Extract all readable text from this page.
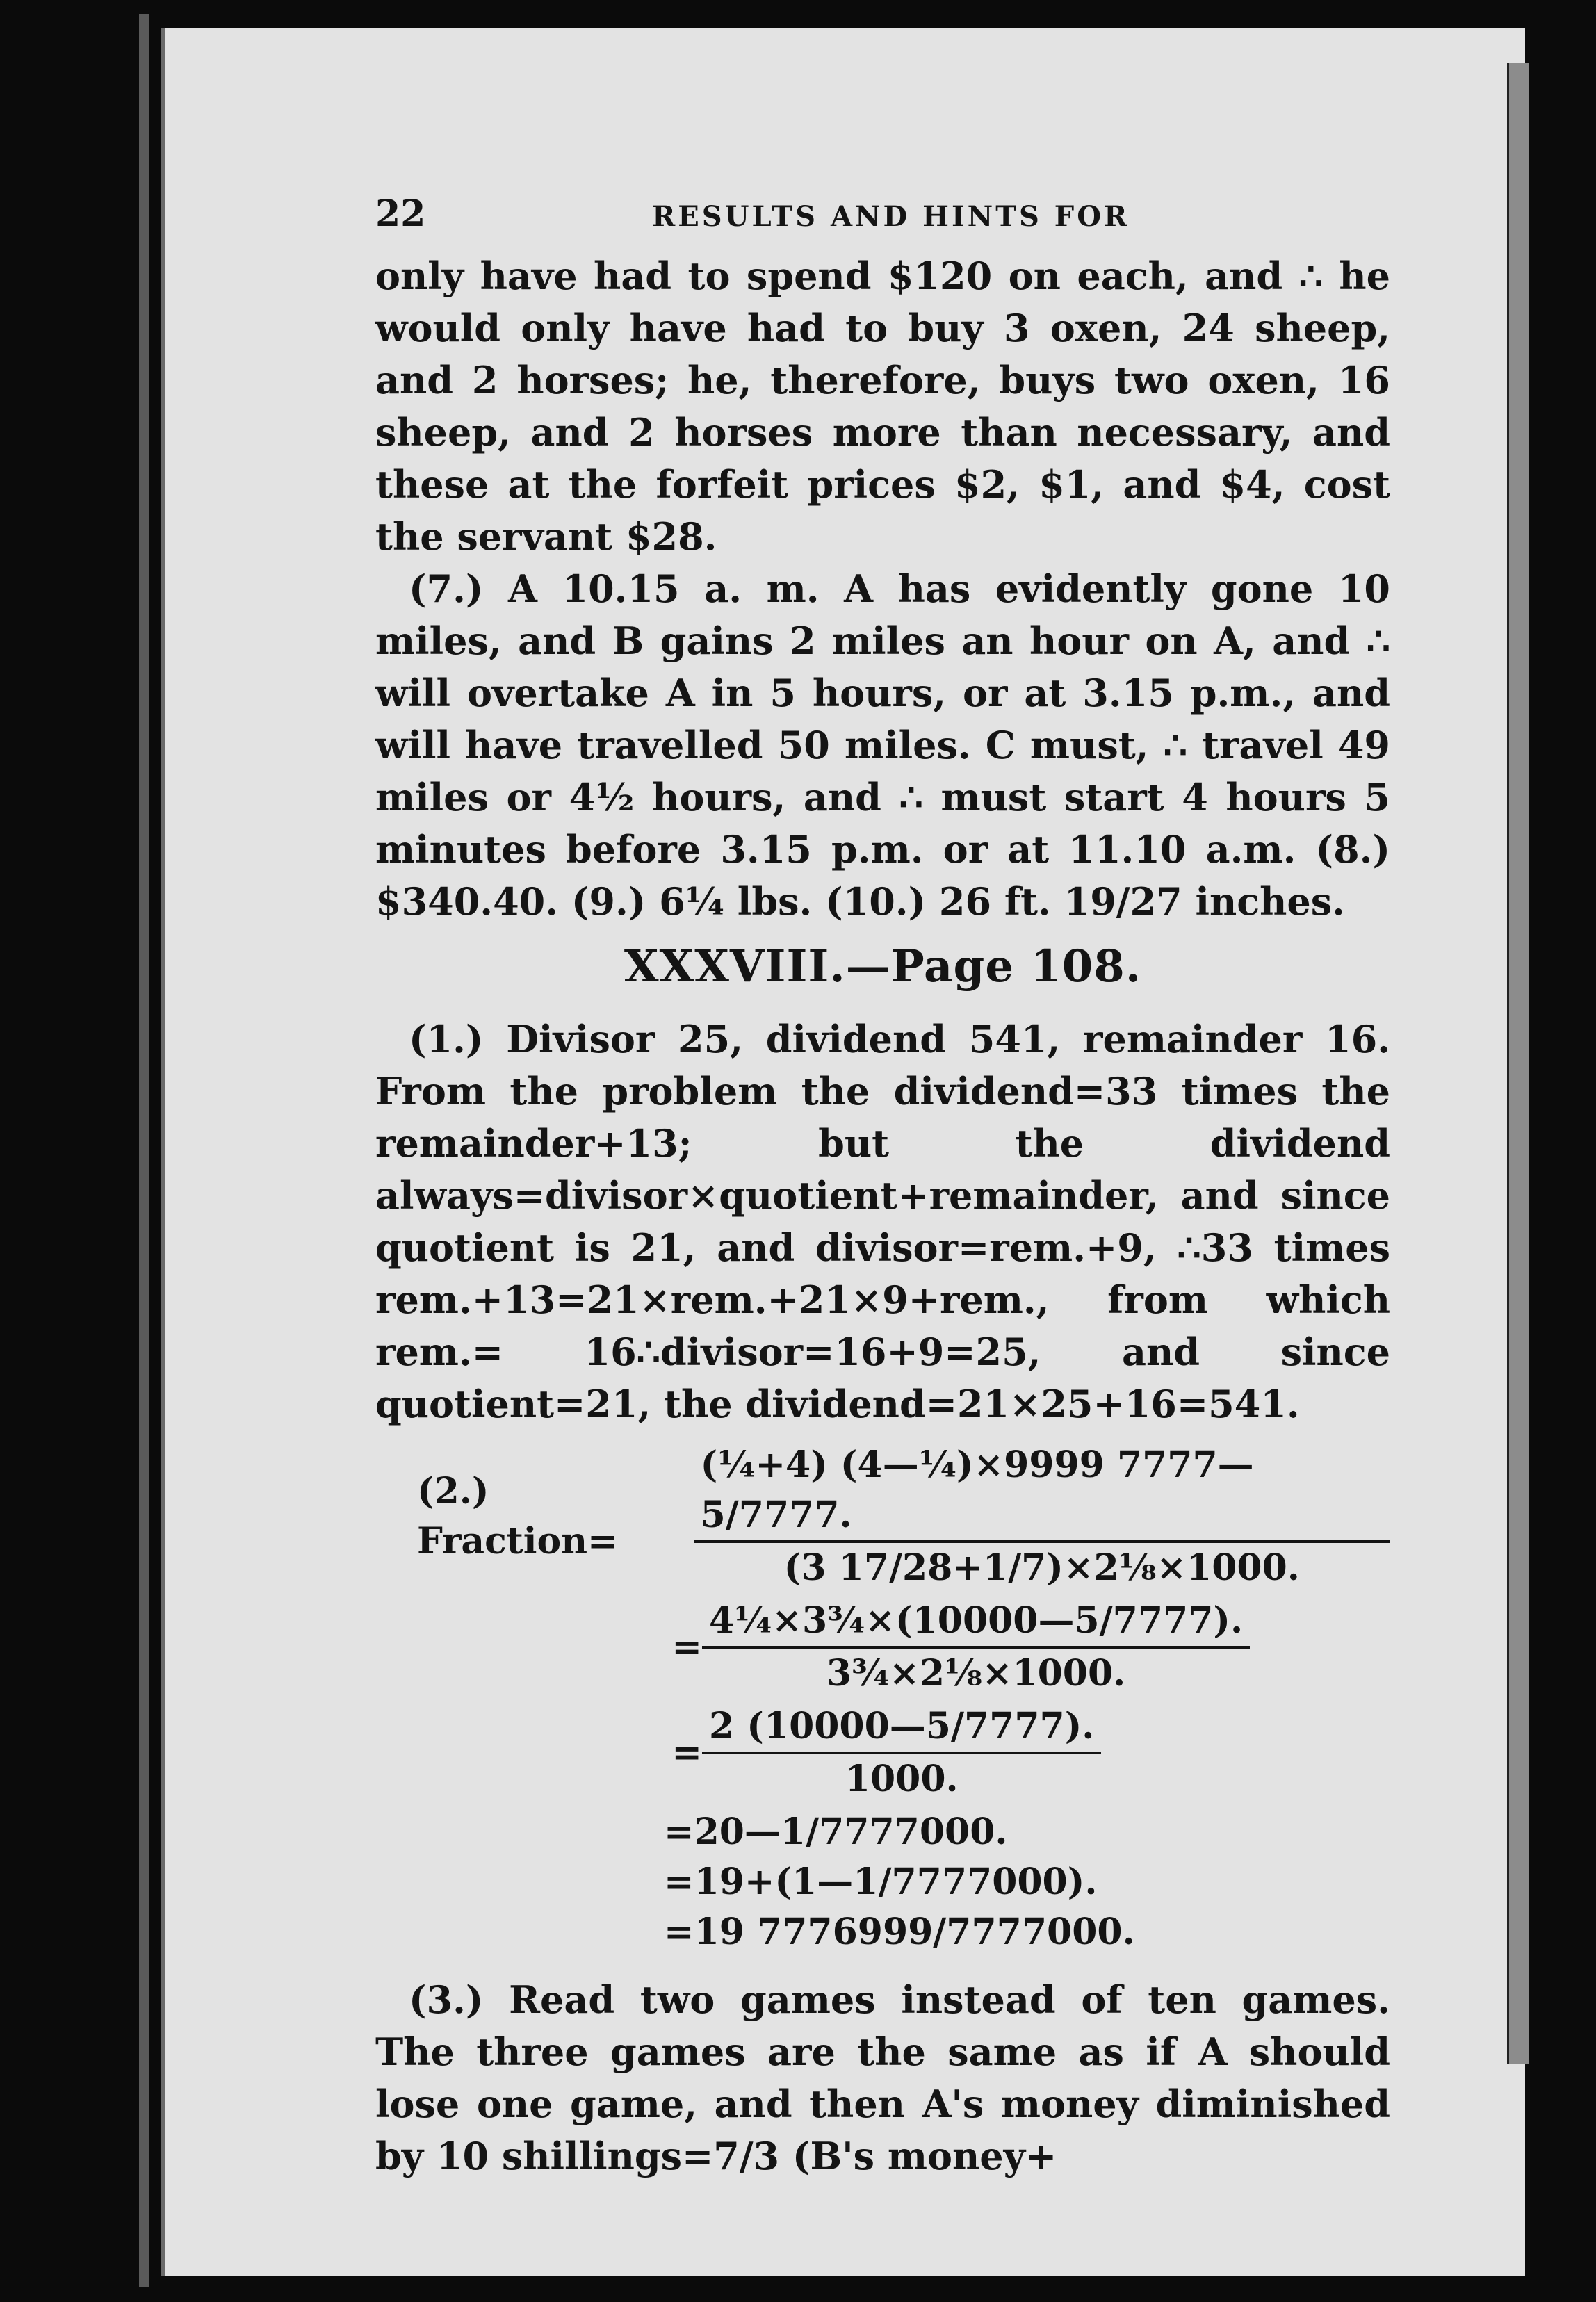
22	RESULTS AND HINTS FOR

only have had to spend $120 on each, and ∴ he would only have had to buy 3 oxen, 24 sheep, and 2 horses; he, therefore, buys two oxen, 16 sheep, and 2 horses more than necessary, and these at the forfeit prices $2, $1, and $4, cost the servant $28.

(7.) A 10.15 a. m. A has evidently gone 10 miles, and B gains 2 miles an hour on A, and ∴ will overtake A in 5 hours, or at 3.15 p.m., and will have travelled 50 miles. C must, ∴ travel 49 miles or 4½ hours, and ∴ must start 4 hours 5 minutes before 3.15 p.m. or at 11.10 a.m. (8.) $340.40. (9.) 6¼ lbs. (10.) 26 ft. 19/27 inches.

XXXVIII.—Page 108.

(1.) Divisor 25, dividend 541, remainder 16. From the problem the dividend=33 times the remainder+13; but the dividend always=divisor×quotient+remainder, and since quotient is 21, and divisor=rem.+9, ∴33 times rem.+13=21×rem.+21×9+rem., from which rem.= 16∴divisor=16+9=25, and since quotient=21, the dividend=21×25+16=541.

(2.) Fraction=	$\frac{\text{(¼+4) (4—¼)×9999 7777—5/7777.}}{\text{(3 17/28+1/7)×2⅛×1000.}}$
= $\frac{\text{4¼×3¾×(10000—5/7777).}}{\text{3¾×2⅛×1000.}}$
= $\frac{2 (10000—5/7777).}{1000.}$
=20—1/7777000.
=19+(1—1/7777000).
=19 7776999/7777000.

(3.) Read two games instead of ten games. The three games are the same as if A should lose one game, and then A's money diminished by 10 shillings=7/3 (B's money+
